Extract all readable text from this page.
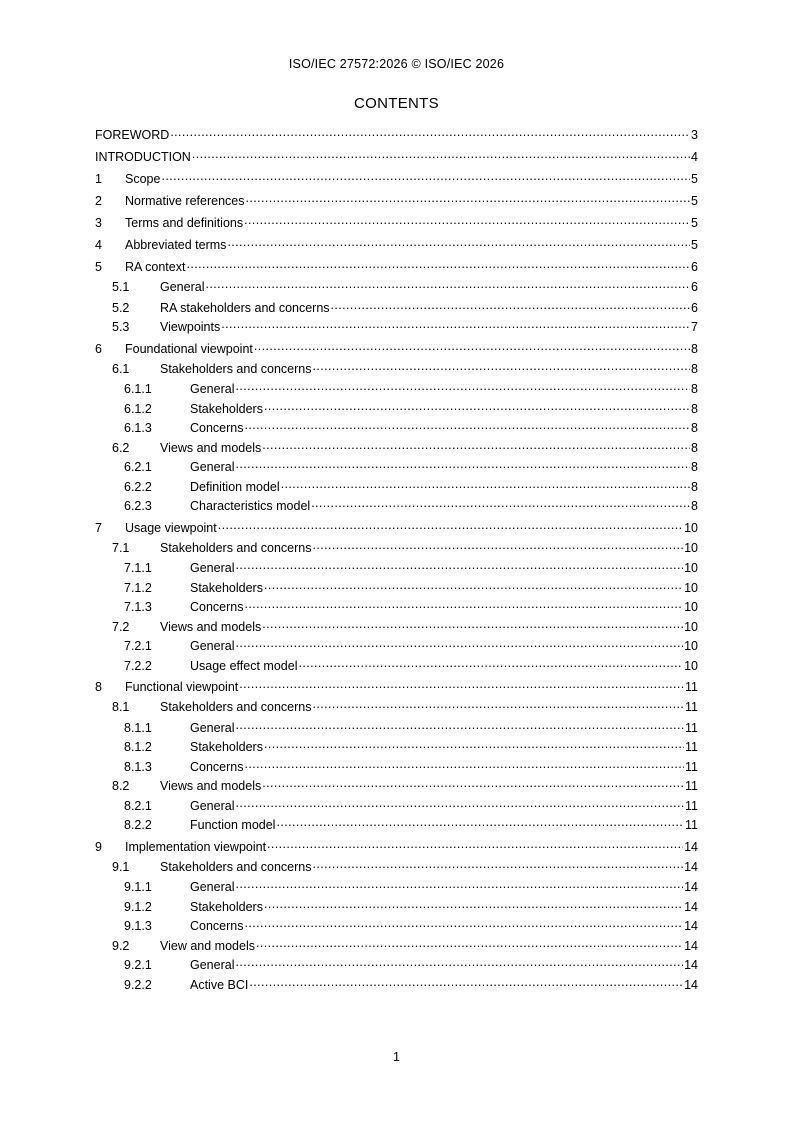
ISO/IEC 27572:2026 © ISO/IEC 2026
CONTENTS
FOREWORD .....	3
INTRODUCTION .....	4
1	Scope .....	5
2	Normative references .....	5
3	Terms and definitions .....	5
4	Abbreviated terms .....	5
5	RA context .....	6
5.1	General .....	6
5.2	RA stakeholders and concerns .....	6
5.3	Viewpoints .....	7
6	Foundational viewpoint .....	8
6.1	Stakeholders and concerns .....	8
6.1.1	General .....	8
6.1.2	Stakeholders .....	8
6.1.3	Concerns .....	8
6.2	Views and models .....	8
6.2.1	General .....	8
6.2.2	Definition model .....	8
6.2.3	Characteristics model .....	8
7	Usage viewpoint .....	10
7.1	Stakeholders and concerns .....	10
7.1.1	General .....	10
7.1.2	Stakeholders .....	10
7.1.3	Concerns .....	10
7.2	Views and models .....	10
7.2.1	General .....	10
7.2.2	Usage effect model .....	10
8	Functional viewpoint .....	11
8.1	Stakeholders and concerns .....	11
8.1.1	General .....	11
8.1.2	Stakeholders .....	11
8.1.3	Concerns .....	11
8.2	Views and models .....	11
8.2.1	General .....	11
8.2.2	Function model .....	11
9	Implementation viewpoint .....	14
9.1	Stakeholders and concerns .....	14
9.1.1	General .....	14
9.1.2	Stakeholders .....	14
9.1.3	Concerns .....	14
9.2	View and models .....	14
9.2.1	General .....	14
9.2.2	Active BCI .....	14
1
